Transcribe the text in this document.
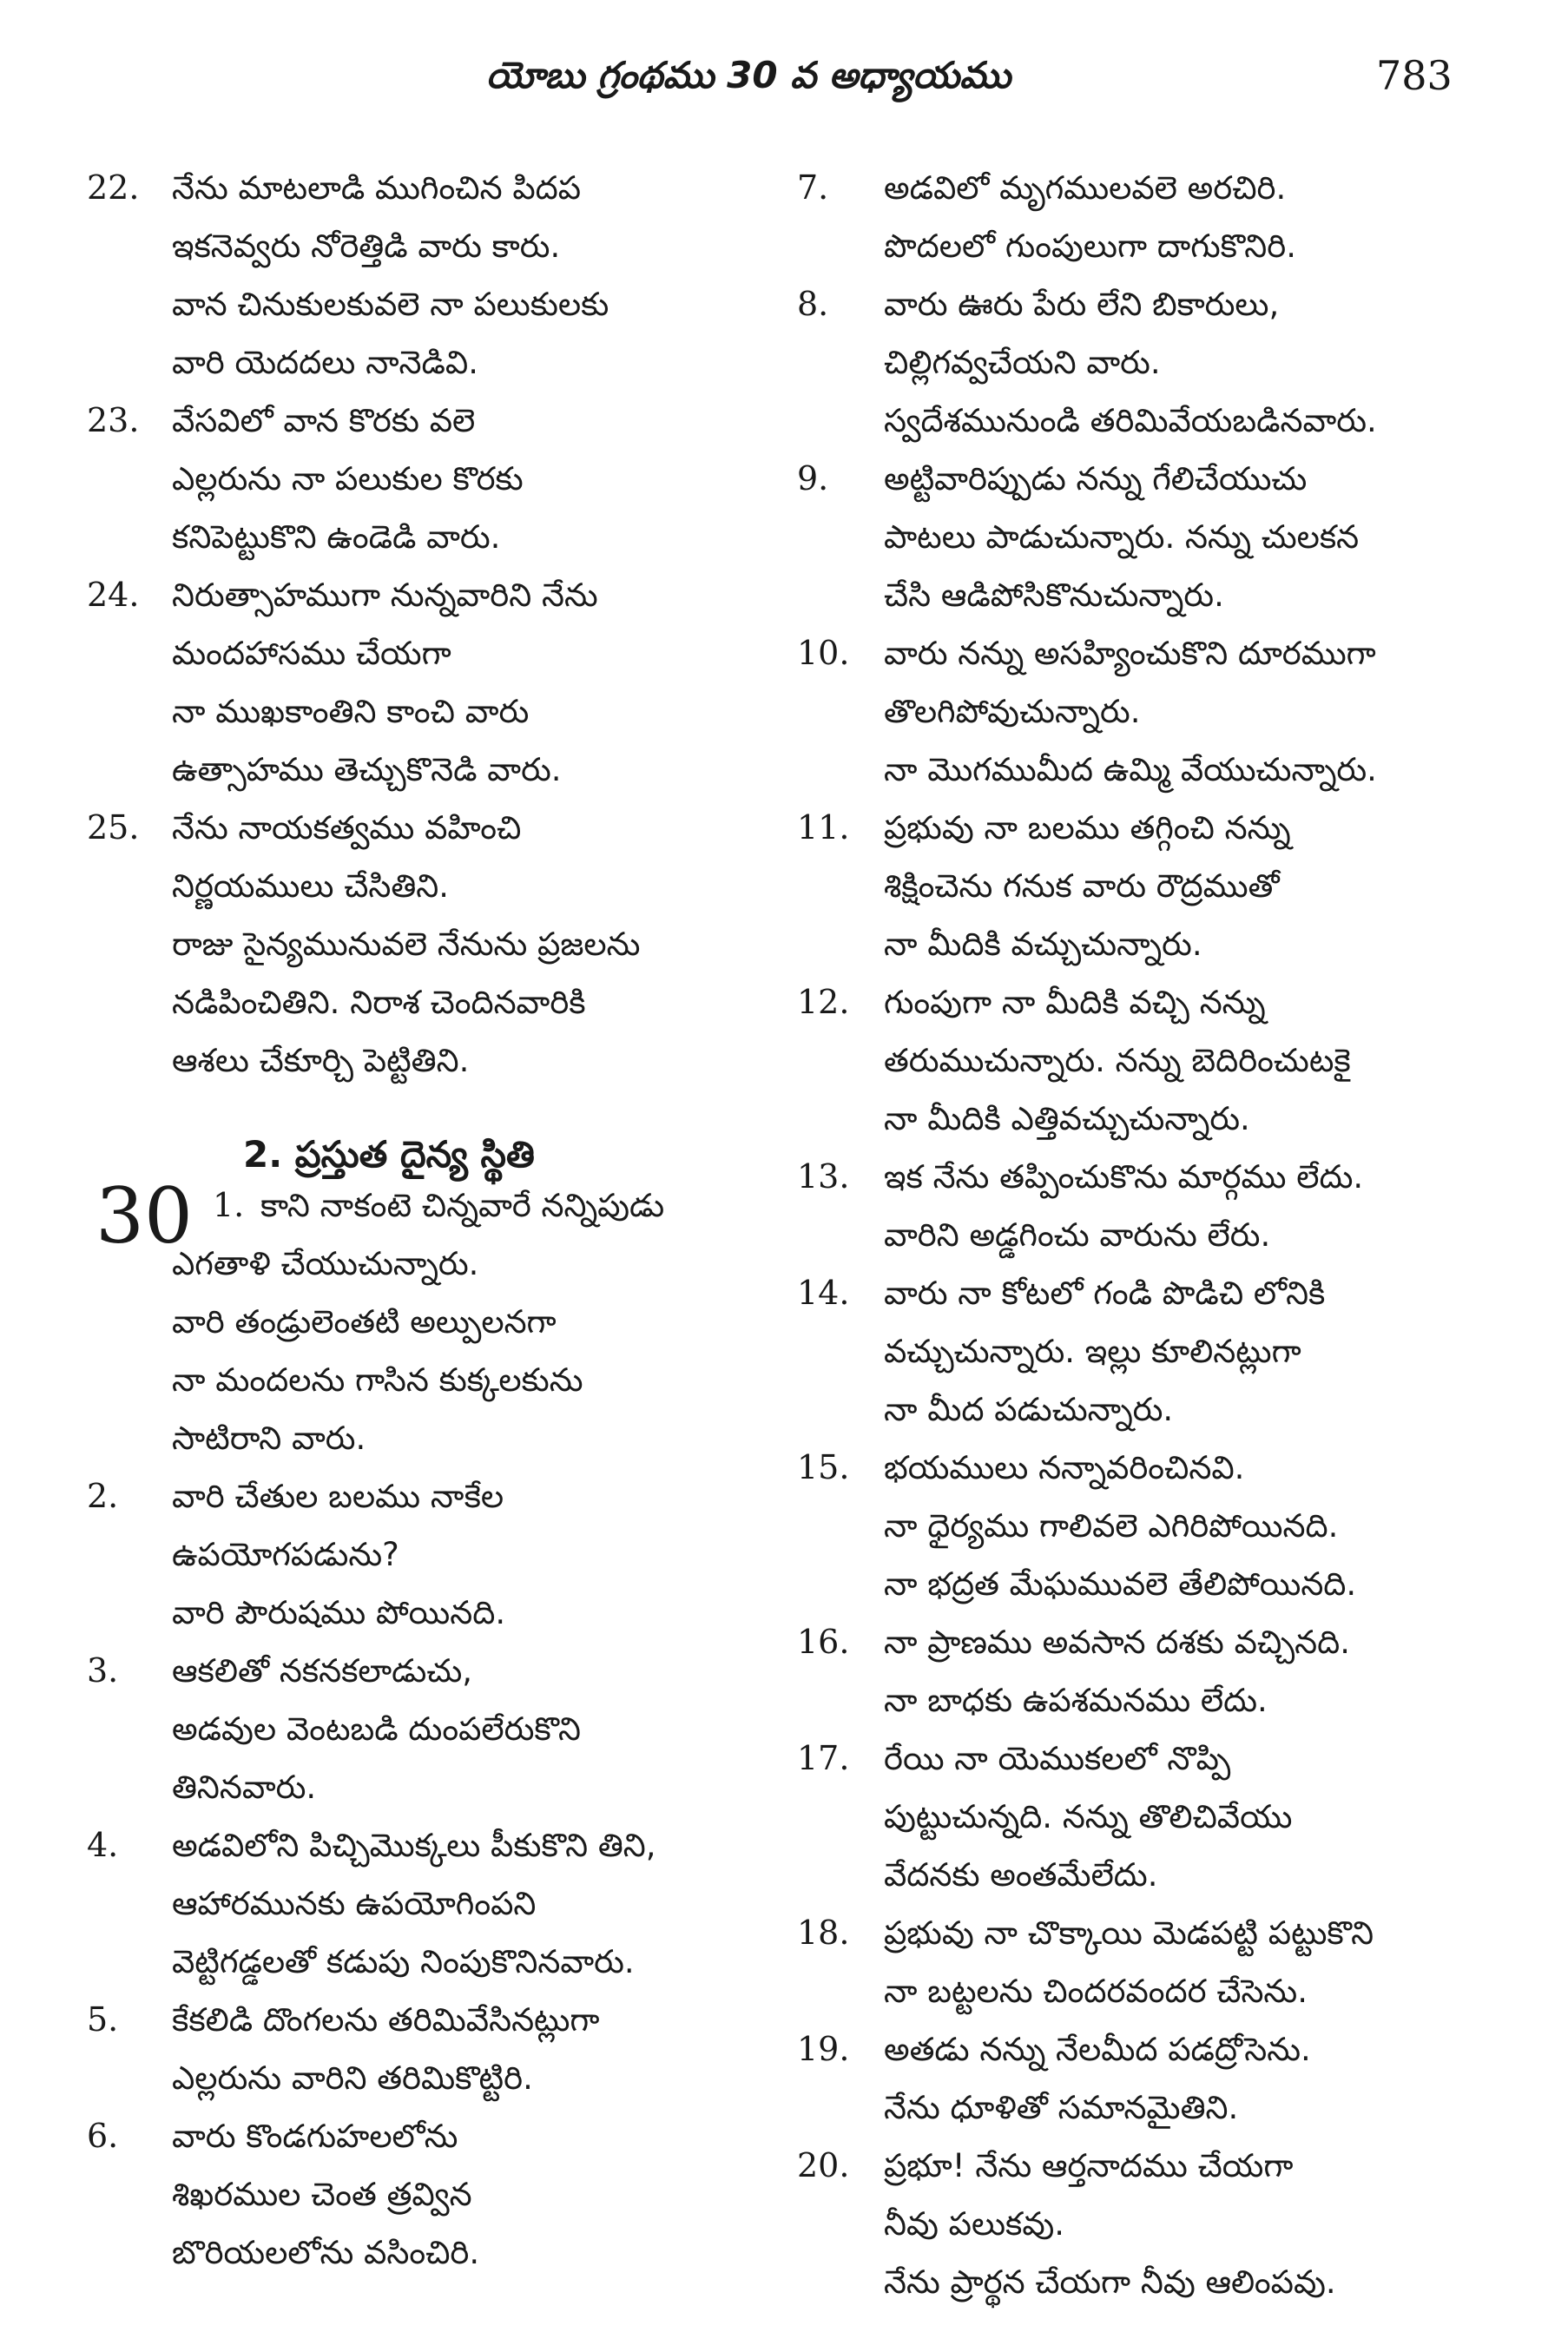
యోబు గ్రంథము 30 వ అధ్యాయము	783
22. నేను మాటలాడి ముగించిన పిదప
ఇకనెవ్వరు నోరెత్తిడి వారు కారు.
వాన చినుకులకువలె నా పలుకులకు
వారి యెదదలు నానెడివి.
23. వేసవిలో వాన కొరకు వలె
ఎల్లరును నా పలుకుల కొరకు
కనిపెట్టుకొని ఉండెడి వారు.
24. నిరుత్సాహముగా నున్నవారిని నేను
మందహాసము చేయగా
నా ముఖకాంతిని కాంచి వారు
ఉత్సాహము తెచ్చుకొనెడి వారు.
25. నేను నాయకత్వము వహించి
నిర్ణయములు చేసితిని.
రాజు సైన్యమునువలె నేనును ప్రజలను
నడిపించితిని. నిరాశ చెందినవారికి
ఆశలు చేకూర్చి పెట్టితిని.
2. ప్రస్తుత దైన్య స్థితి
30 1. కాని నాకంటె చిన్నవారే నన్నిపుడు
ఎగతాళి చేయుచున్నారు.
వారి తండ్రులెంతటి అల్పులనగా
నా మందలను గాసిన కుక్కలకును
సాటిరాని వారు.
2. వారి చేతుల బలము నాకేల
ఉపయోగపడును?
వారి పౌరుషము పోయినది.
3. ఆకలితో నకనకలాడుచు,
అడవుల వెంటబడి దుంపలేరుకొని
తినినవారు.
4. అడవిలోని పిచ్చిమొక్కలు పీకుకొని తిని,
ఆహారమునకు ఉపయోగింపని
వెట్టిగడ్డలతో కడుపు నింపుకొనినవారు.
5. కేకలిడి దొంగలను తరిమివేసినట్లుగా
ఎల్లరును వారిని తరిమికొట్టిరి.
6. వారు కొండగుహలలోను
శిఖరముల చెంత త్రవ్విన
బొరియలలోను వసించిరి.
7. అడవిలో మృగములవలె అరచిరి.
పొదలలో గుంపులుగా దాగుకొనిరి.
8. వారు ఊరు పేరు లేని బికారులు,
చిల్లిగవ్వచేయని వారు.
స్వదేశమునుండి తరిమివేయబడినవారు.
9. అట్టివారిప్పుడు నన్ను గేలిచేయుచు
పాటలు పాడుచున్నారు. నన్ను చులకన
చేసి ఆడిపోసికొనుచున్నారు.
10. వారు నన్ను అసహ్యించుకొని దూరముగా
తొలగిపోవుచున్నారు.
నా మొగముమీద ఉమ్మి వేయుచున్నారు.
11. ప్రభువు నా బలము తగ్గించి నన్ను
శిక్షించెను గనుక వారు రౌద్రముతో
నా మీదికి వచ్చుచున్నారు.
12. గుంపుగా నా మీదికి వచ్చి నన్ను
తరుముచున్నారు. నన్ను బెదిరించుటకై
నా మీదికి ఎత్తివచ్చుచున్నారు.
13. ఇక నేను తప్పించుకొను మార్గము లేదు.
వారిని అడ్డగించు వారును లేరు.
14. వారు నా కోటలో గండి పొడిచి లోనికి
వచ్చుచున్నారు. ఇల్లు కూలినట్లుగా
నా మీద పడుచున్నారు.
15. భయములు నన్నావరించినవి.
నా ధైర్యము గాలివలె ఎగిరిపోయినది.
నా భద్రత మేఘమువలె తేలిపోయినది.
16. నా ప్రాణము అవసాన దశకు వచ్చినది.
నా బాధకు ఉపశమనము లేదు.
17. రేయి నా యెముకలలో నొప్పి
పుట్టుచున్నది. నన్ను తొలిచివేయు
వేదనకు అంతమేలేదు.
18. ప్రభువు నా చొక్కాయి మెడపట్టి పట్టుకొని
నా బట్టలను చిందరవందర చేసెను.
19. అతడు నన్ను నేలమీద పడద్రోసెను.
నేను ధూళితో సమానమైతిని.
20. ప్రభూ! నేను ఆర్తనాదము చేయగా
నీవు పలుకవు.
నేను ప్రార్థన చేయగా నీవు ఆలింపవు.
